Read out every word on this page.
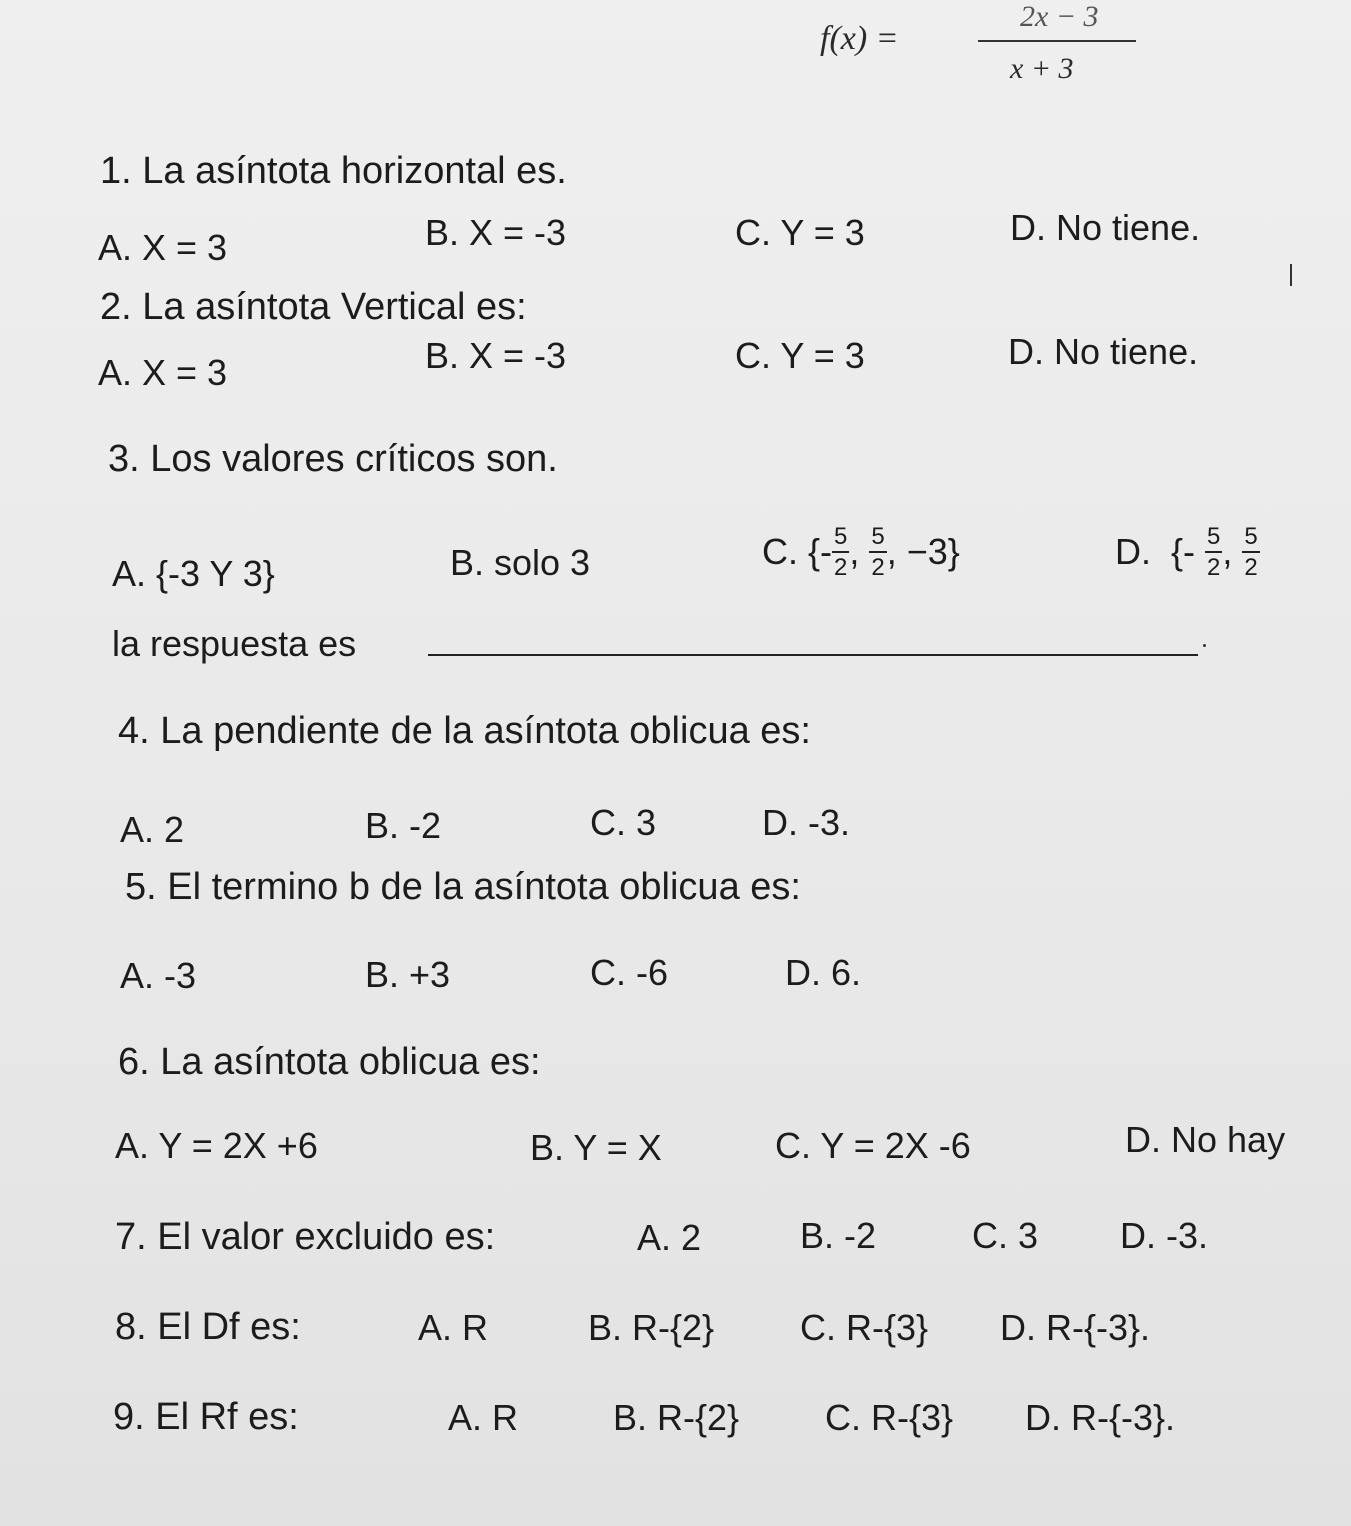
f(x) =
2x − 3
x + 3
1. La asíntota horizontal es.
A. X = 3	B. X = -3	C. Y = 3	D. No tiene.
2. La asíntota Vertical es:
A. X = 3	B. X = -3	C. Y = 3	D. No tiene.
3. Los valores críticos son.
A. {-3 Y 3}	B. solo 3	C. {- $\frac{5}{2}$ , $\frac{5}{2}$ , −3}	D.  {- $\frac{5}{2}$ , $\frac{5}{2}$
la respuesta es
4. La pendiente de la asíntota oblicua es:
A. 2	B. -2	C. 3	D. -3.
5. El termino b de la asíntota oblicua es:
A. -3	B. +3	C. -6	D. 6.
6. La asíntota oblicua es:
A. Y = 2X +6	B. Y = X	C. Y = 2X -6	D. No hay
7. El valor excluido es:	A. 2	B. -2	C. 3 D. -3.
8. El Df es:	A. R	B. R-{2} C. R-{3} D. R-{-3}.
9. El Rf es:	A. R	B. R-{2} C. R-{3} D. R-{-3}.
